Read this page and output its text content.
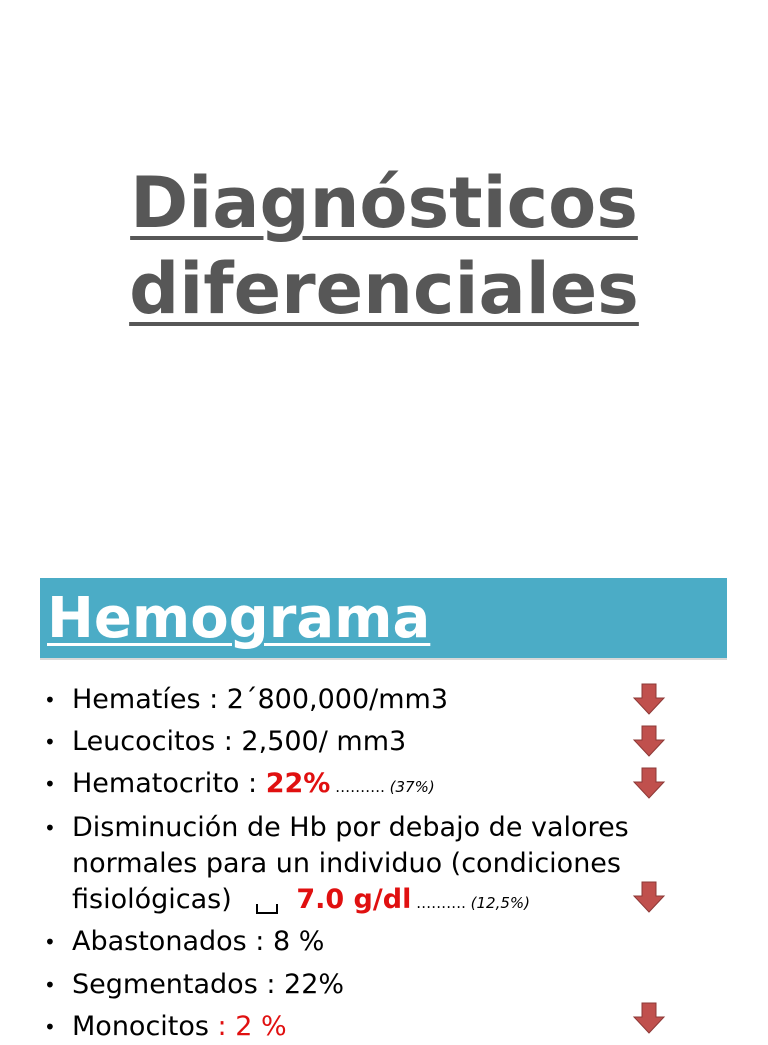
Diagnósticos
diferenciales
Hemograma
• Hematíes : 2´800,000/mm3
• Leucocitos : 2,500/ mm3
• Hematocrito : 22% ………. (37%)
• Disminución de Hb por debajo de valores
normales para un individuo (condiciones
fisiológicas) 7.0 g/dl ………. (12,5%)
• Abastonados : 8 %
• Segmentados : 22%
• Monocitos : 2 %
